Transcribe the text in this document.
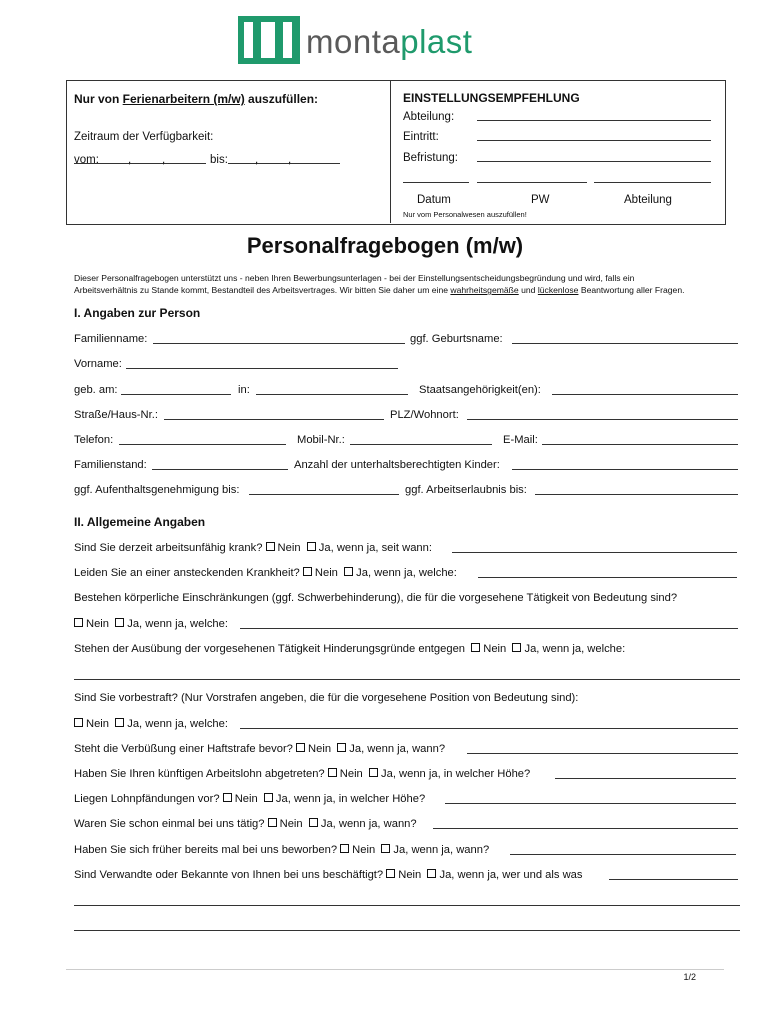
montaplast
Nur von Ferienarbeitern (m/w) auszufüllen:
Zeitraum der Verfügbarkeit:
vom:	,	,	bis: ,	,
EINSTELLUNGSEMPFEHLUNG
Abteilung:
Eintritt:
Befristung:
Datum	PW	Abteilung
Nur vom Personalwesen auszufüllen!
Personalfragebogen (m/w)
Dieser Personalfragebogen unterstützt uns - neben Ihren Bewerbungsunterlagen - bei der Einstellungsentscheidungsbegründung und wird, falls ein
Arbeitsverhältnis zu Stande kommt, Bestandteil des Arbeitsvertrages. Wir bitten Sie daher um eine wahrheitsgemäße und lückenlose Beantwortung aller Fragen.
I. Angaben zur Person
Familienname:	ggf. Geburtsname:
Vorname:
geb. am:	in:	Staatsangehörigkeit(en):
Straße/Haus-Nr.:	PLZ/Wohnort:
Telefon:	Mobil-Nr.:	E-Mail:
Familienstand:	Anzahl der unterhaltsberechtigten Kinder:
ggf. Aufenthaltsgenehmigung bis:	ggf. Arbeitserlaubnis bis:
II. Allgemeine Angaben
Sind Sie derzeit arbeitsunfähig krank? Nein Ja, wenn ja, seit wann:
Leiden Sie an einer ansteckenden Krankheit? Nein Ja, wenn ja, welche:
Bestehen körperliche Einschränkungen (ggf. Schwerbehinderung), die für die vorgesehene Tätigkeit von Bedeutung sind?
Nein Ja, wenn ja, welche:
Stehen der Ausübung der vorgesehenen Tätigkeit Hinderungsgründe entgegen Nein Ja, wenn ja, welche:
Sind Sie vorbestraft? (Nur Vorstrafen angeben, die für die vorgesehene Position von Bedeutung sind):
Nein Ja, wenn ja, welche:
Steht die Verbüßung einer Haftstrafe bevor? Nein Ja, wenn ja, wann?
Haben Sie Ihren künftigen Arbeitslohn abgetreten? Nein Ja, wenn ja, in welcher Höhe?
Liegen Lohnpfändungen vor? Nein Ja, wenn ja, in welcher Höhe?
Waren Sie schon einmal bei uns tätig? Nein Ja, wenn ja, wann?
Haben Sie sich früher bereits mal bei uns beworben? Nein Ja, wenn ja, wann?
Sind Verwandte oder Bekannte von Ihnen bei uns beschäftigt? Nein Ja, wenn ja, wer und als was
1/2
